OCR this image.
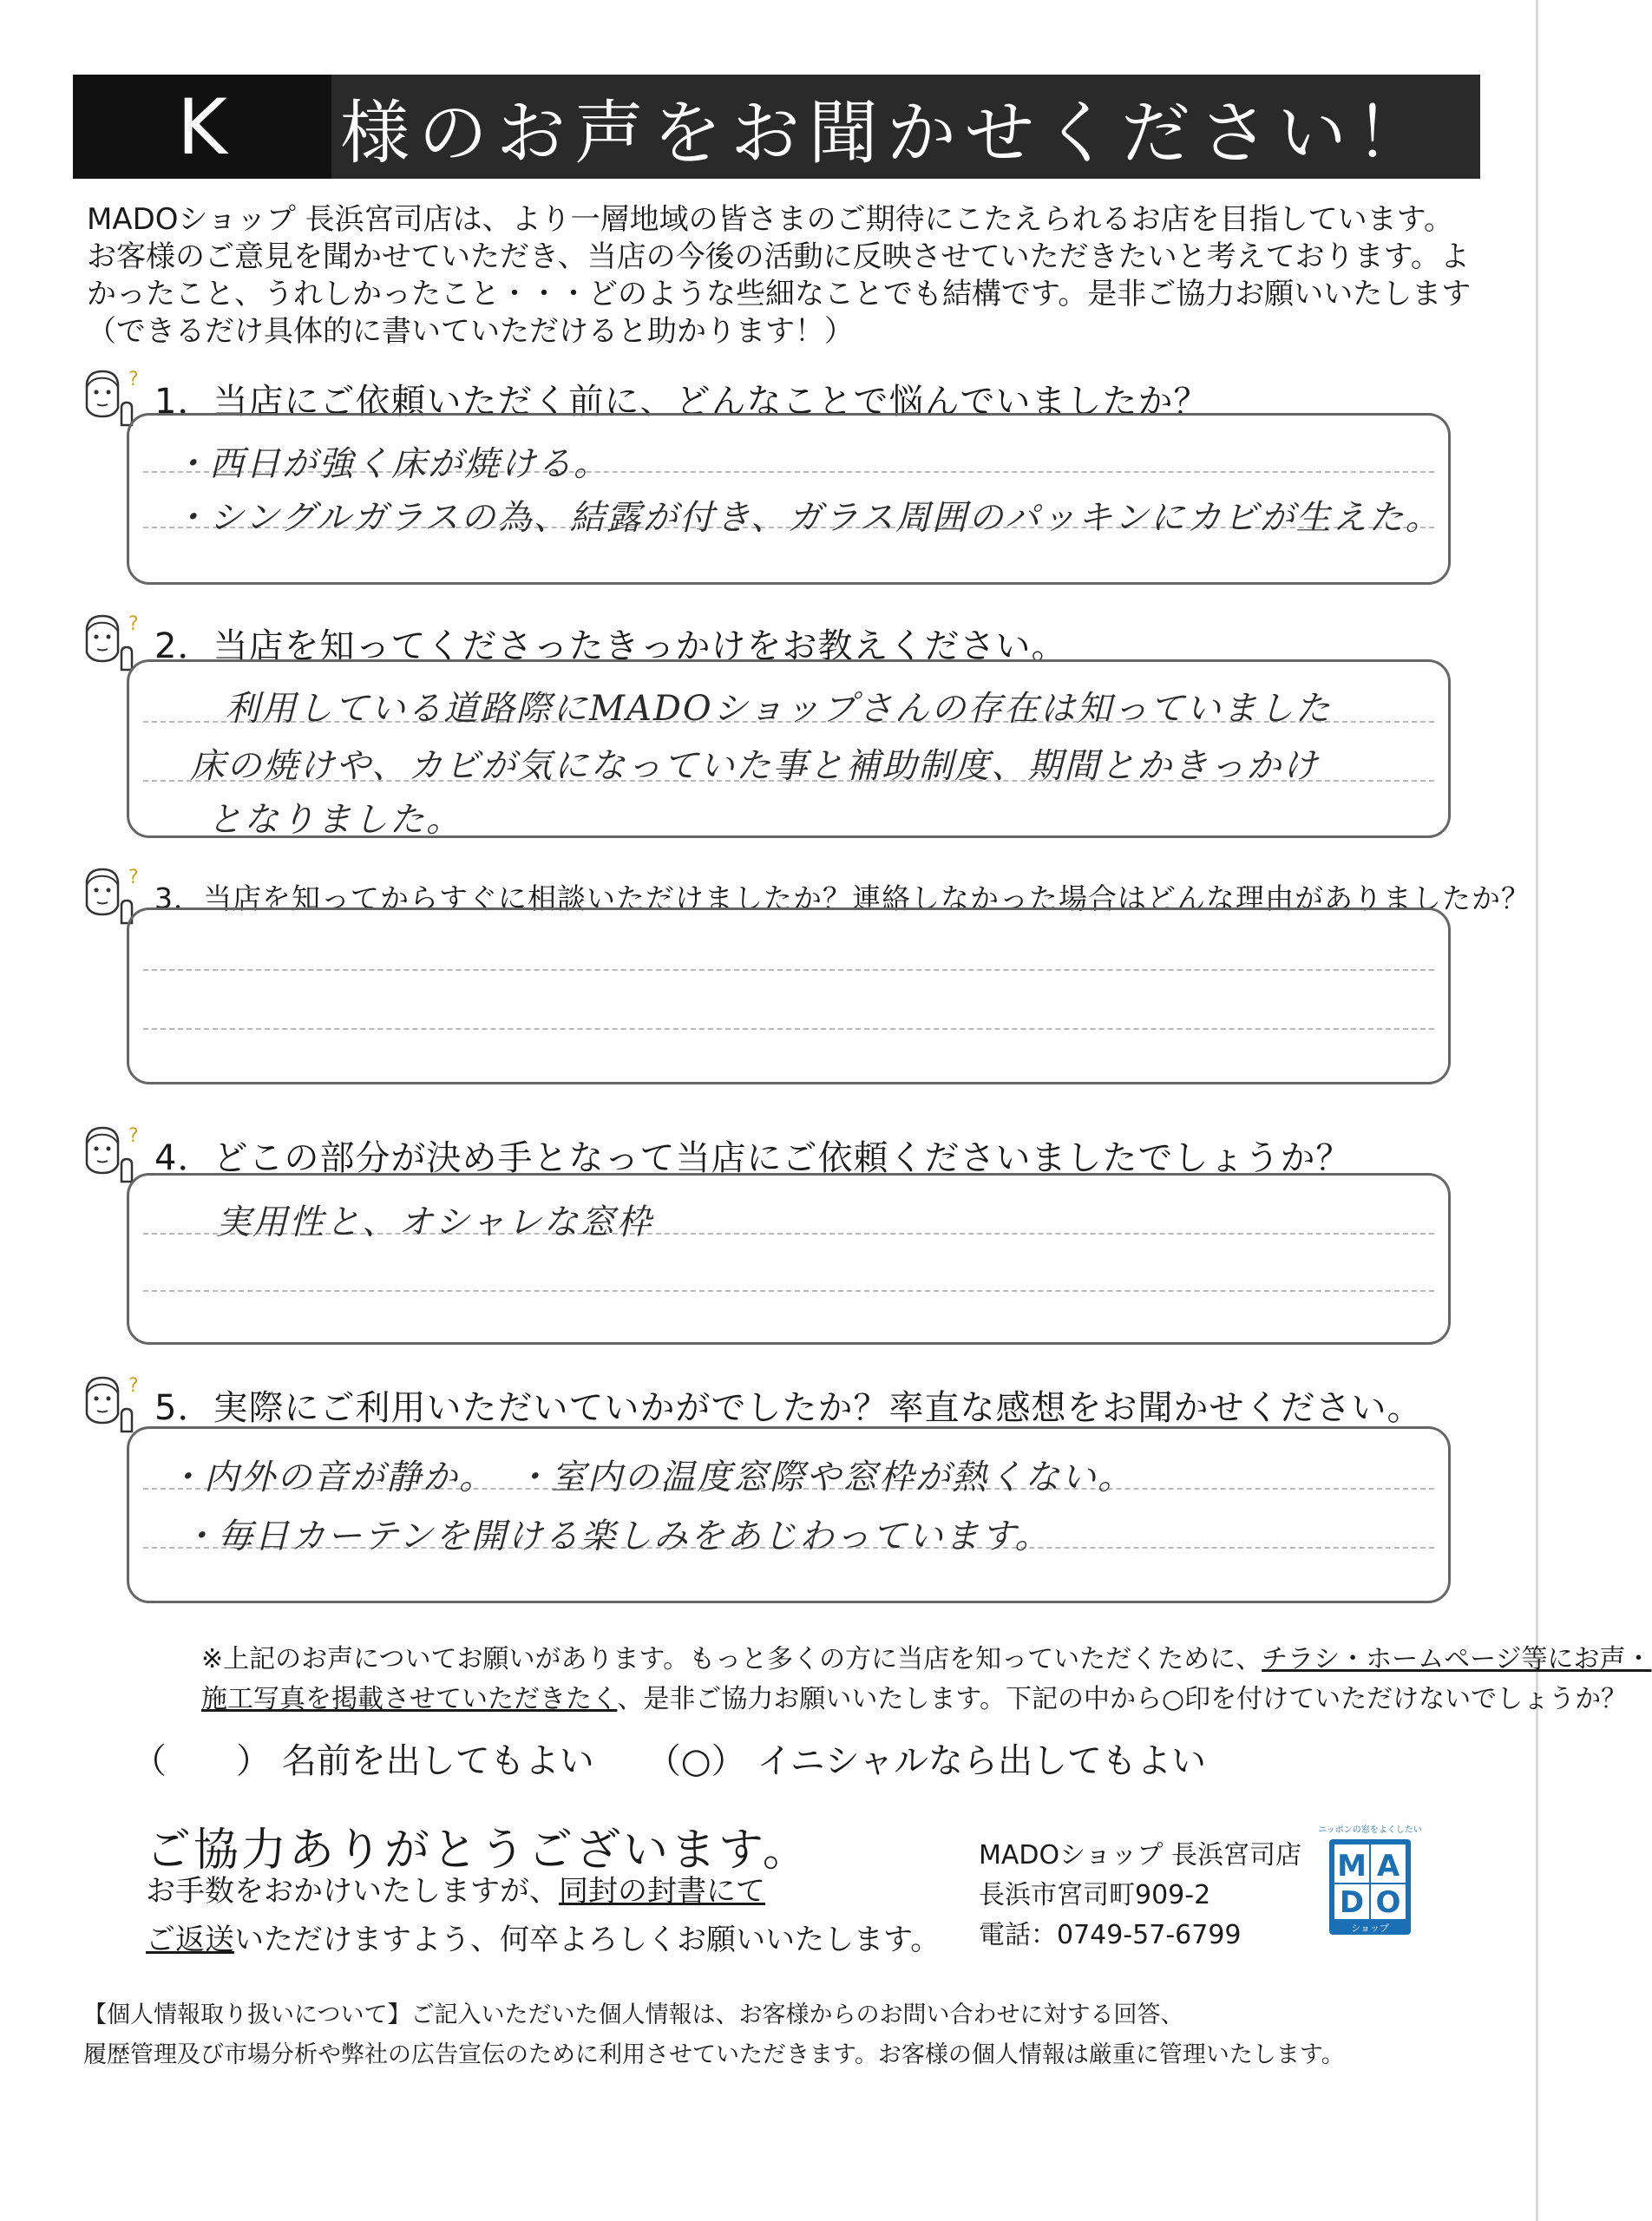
K	様のお声をお聞かせください！

MADOショップ 長浜宮司店は、より一層地域の皆さまのご期待にこたえられるお店を目指しています。

お客様のご意見を聞かせていただき、当店の今後の活動に反映させていただきたいと考えております。よ

かったこと、うれしかったこと・・・どのような些細なことでも結構です。是非ご協力お願いいたします

（できるだけ具体的に書いていただけると助かります！）

?
1．当店にご依頼いただく前に、どんなことで悩んでいましたか？
・西日が強く床が焼ける。
・シングルガラスの為、結露が付き、ガラス周囲のパッキンにカビが生えた。
?
2．当店を知ってくださったきっかけをお教えください。
利用している道路際にMADOショップさんの存在は知っていました
床の焼けや、カビが気になっていた事と補助制度、期間とかきっかけ
となりました。
?
3．当店を知ってからすぐに相談いただけましたか？連絡しなかった場合はどんな理由がありましたか？
?
4．どこの部分が決め手となって当店にご依頼くださいましたでしょうか？
実用性と、オシャレな窓枠
?
5．実際にご利用いただいていかがでしたか？率直な感想をお聞かせください。
・内外の音が静か。　・室内の温度窓際や窓枠が熱くない。
・毎日カーテンを開ける楽しみをあじわっています。

※上記のお声についてお願いがあります。もっと多くの方に当店を知っていただくために、チラシ・ホームページ等にお声・

施工写真を掲載させていただきたく、是非ご協力お願いいたします。下記の中から○印を付けていただけないでしょうか？

（　　） 名前を出してもよい （○） イニシャルなら出してもよい
ご協力ありがとうございます。

お手数をおかけいたしますが、同封の封書にて

ご返送いただけますよう、何卒よろしくお願いいたします。

MADOショップ 長浜宮司店

長浜市宮司町909-2

電話：0749-57-6799

ニッポンの窓をよくしたい
M A
D O
ショップ

【個人情報取り扱いについて】ご記入いただいた個人情報は、お客様からのお問い合わせに対する回答、

履歴管理及び市場分析や弊社の広告宣伝のために利用させていただきます。お客様の個人情報は厳重に管理いたします。
